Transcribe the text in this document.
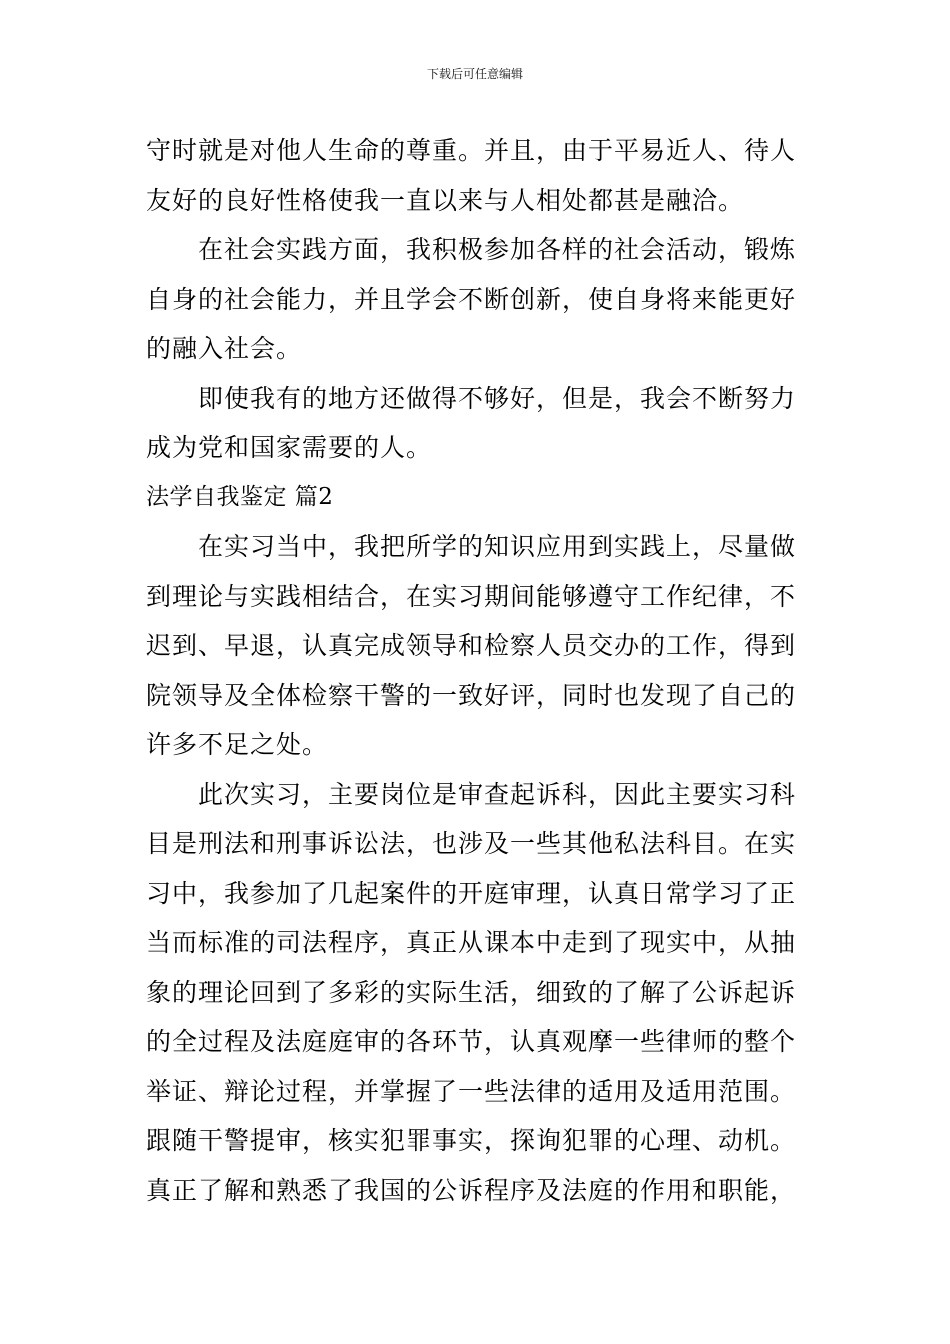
下载后可任意编辑
守时就是对他人生命的尊重。并且，由于平易近人、待人
友好的良好性格使我一直以来与人相处都甚是融洽。
在社会实践方面，我积极参加各样的社会活动，锻炼
自身的社会能力，并且学会不断创新，使自身将来能更好
的融入社会。
即使我有的地方还做得不够好，但是，我会不断努力
成为党和国家需要的人。
法学自我鉴定 篇2
在实习当中，我把所学的知识应用到实践上，尽量做
到理论与实践相结合，在实习期间能够遵守工作纪律，不
迟到、早退，认真完成领导和检察人员交办的工作，得到
院领导及全体检察干警的一致好评，同时也发现了自己的
许多不足之处。
此次实习，主要岗位是审查起诉科，因此主要实习科
目是刑法和刑事诉讼法，也涉及一些其他私法科目。在实
习中，我参加了几起案件的开庭审理，认真日常学习了正
当而标准的司法程序，真正从课本中走到了现实中，从抽
象的理论回到了多彩的实际生活，细致的了解了公诉起诉
的全过程及法庭庭审的各环节，认真观摩一些律师的整个
举证、辩论过程，并掌握了一些法律的适用及适用范围。
跟随干警提审，核实犯罪事实，探询犯罪的心理、动机。
真正了解和熟悉了我国的公诉程序及法庭的作用和职能，
